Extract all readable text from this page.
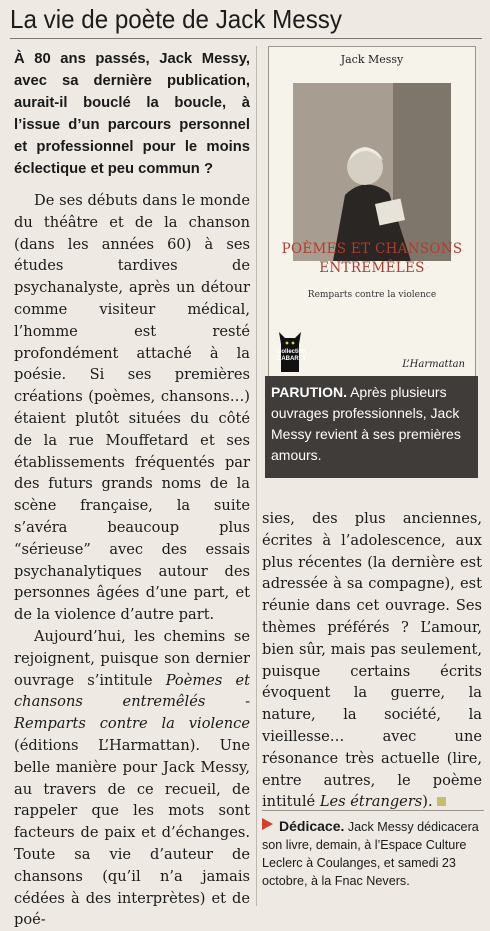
La vie de poète de Jack Messy

À 80 ans passés, Jack Messy, avec sa dernière publication, aurait-il bouclé la boucle, à l’issue d’un parcours personnel et professionnel pour le moins éclectique et peu commun ?

De ses débuts dans le monde du théâtre et de la chanson (dans les années 60) à ses études tardives de psychanalyste, après un détour comme visiteur médical, l’homme est resté profondément attaché à la poésie. Si ses premières créations (poèmes, chansons…) étaient plutôt situées du côté de la rue Mouffetard et ses établissements fréquentés par des futurs grands noms de la scène française, la suite s’avéra beaucoup plus “sérieuse” avec des essais psychanalytiques autour des personnes âgées d’une part, et de la violence d’autre part.

Aujourd’hui, les chemins se rejoignent, puisque son dernier ouvrage s’intitule Poèmes et chansons entremêlés - Remparts contre la violence (éditions L’Harmattan). Une belle manière pour Jack Messy, au travers de ce recueil, de rappeler que les mots sont facteurs de paix et d’échanges. Toute sa vie d’auteur de chansons (qu’il n’a jamais cédées à des interprètes) et de poé-

Jack Messy
POÈMES ET CHANSONS
ENTREMÊLÉS
Remparts contre la violence
Collection CABARET	L’Harmattan

PARUTION. Après plusieurs ouvrages professionnels, Jack Messy revient à ses premières amours.

sies, des plus anciennes, écrites à l’adolescence, aux plus récentes (la dernière est adressée à sa compagne), est réunie dans cet ouvrage. Ses thèmes préférés ? L’amour, bien sûr, mais pas seulement, puisque certains écrits évoquent la guerre, la nature, la société, la vieillesse… avec une résonance très actuelle (lire, entre autres, le poème intitulé Les étrangers).

Dédicace. Jack Messy dédicacera son livre, demain, à l’Espace Culture Leclerc à Coulanges, et samedi 23 octobre, à la Fnac Nevers.
